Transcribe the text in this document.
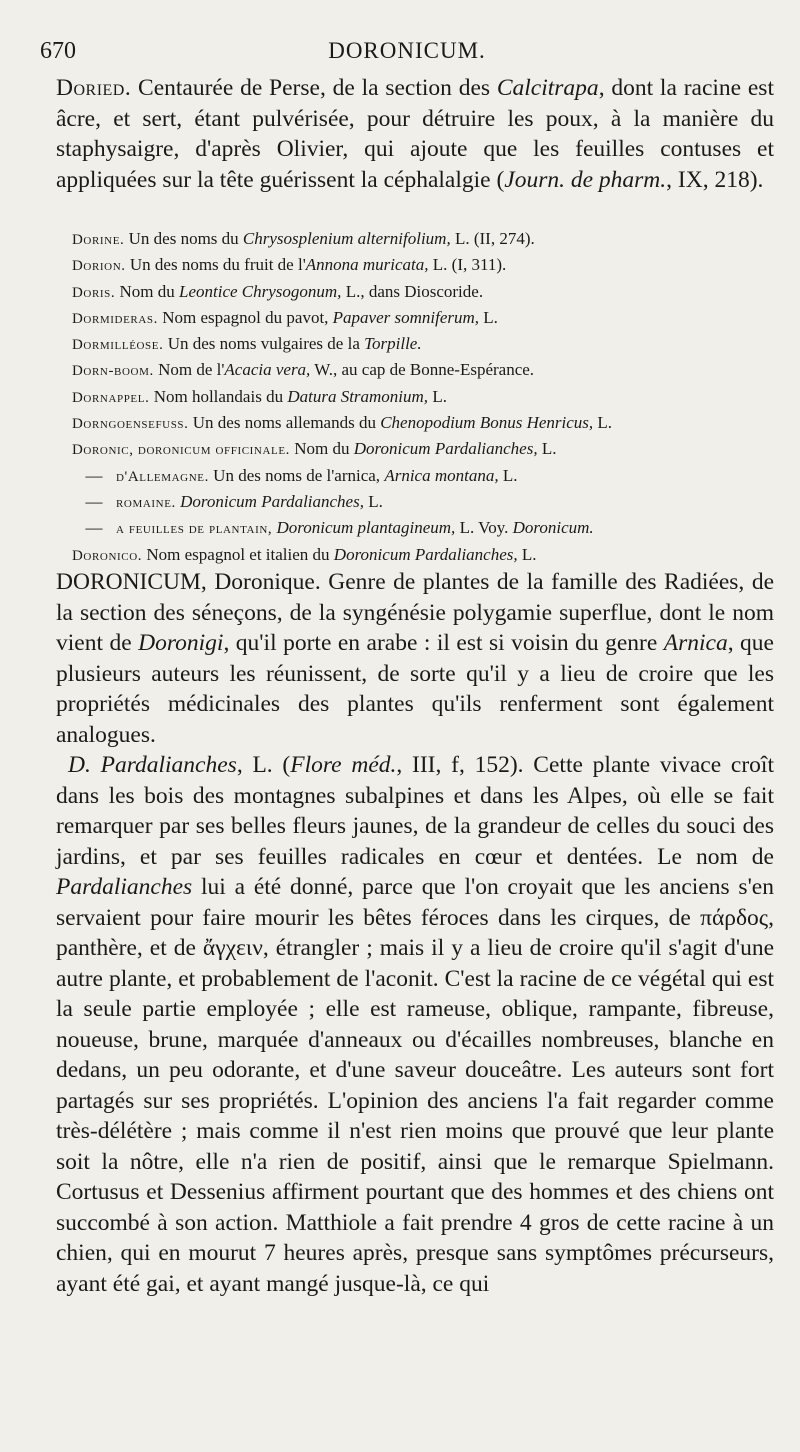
670	DORONICUM.

Doried. Centaurée de Perse, de la section des Calcitrapa, dont la racine est âcre, et sert, étant pulvérisée, pour détruire les poux, à la manière du staphysaigre, d'après Olivier, qui ajoute que les feuilles contuses et appliquées sur la tête guérissent la céphalalgie (Journ. de pharm., IX, 218).

Dorine. Un des noms du Chrysosplenium alternifolium, L. (II, 274).
Dorion. Un des noms du fruit de l'Annona muricata, L. (I, 311).
Doris. Nom du Leontice Chrysogonum, L., dans Dioscoride.
Dormideras. Nom espagnol du pavot, Papaver somniferum, L.
Dormilléose. Un des noms vulgaires de la Torpille.
Dorn-boom. Nom de l'Acacia vera, W., au cap de Bonne-Espérance.
Dornappel. Nom hollandais du Datura Stramonium, L.
Dorngoensefuss. Un des noms allemands du Chenopodium Bonus Henricus, L.
Doronic, doronicum officinale. Nom du Doronicum Pardalianches, L.
— d'Allemagne. Un des noms de l'arnica, Arnica montana, L.
— romaine. Doronicum Pardalianches, L.
— a feuilles de plantain, Doronicum plantagineum, L. Voy. Doronicum.
Doronico. Nom espagnol et italien du Doronicum Pardalianches, L.

DORONICUM, Doronique. Genre de plantes de la famille des Radiées, de la section des séneçons, de la syngénésie polygamie superflue, dont le nom vient de Doronigi, qu'il porte en arabe : il est si voisin du genre Arnica, que plusieurs auteurs les réunissent, de sorte qu'il y a lieu de croire que les propriétés médicinales des plantes qu'ils renferment sont également analogues.

D. Pardalianches, L. (Flore méd., III, f, 152). Cette plante vivace croît dans les bois des montagnes subalpines et dans les Alpes, où elle se fait remarquer par ses belles fleurs jaunes, de la grandeur de celles du souci des jardins, et par ses feuilles radicales en cœur et dentées. Le nom de Pardalianches lui a été donné, parce que l'on croyait que les anciens s'en servaient pour faire mourir les bêtes féroces dans les cirques, de πάρδος, panthère, et de ἄγχειν, étrangler ; mais il y a lieu de croire qu'il s'agit d'une autre plante, et probablement de l'aconit. C'est la racine de ce végétal qui est la seule partie employée ; elle est rameuse, oblique, rampante, fibreuse, noueuse, brune, marquée d'anneaux ou d'écailles nombreuses, blanche en dedans, un peu odorante, et d'une saveur douceâtre. Les auteurs sont fort partagés sur ses propriétés. L'opinion des anciens l'a fait regarder comme très-délétère ; mais comme il n'est rien moins que prouvé que leur plante soit la nôtre, elle n'a rien de positif, ainsi que le remarque Spielmann. Cortusus et Dessenius affirment pourtant que des hommes et des chiens ont succombé à son action. Matthiole a fait prendre 4 gros de cette racine à un chien, qui en mourut 7 heures après, presque sans symptômes précurseurs, ayant été gai, et ayant mangé jusque-là, ce qui
